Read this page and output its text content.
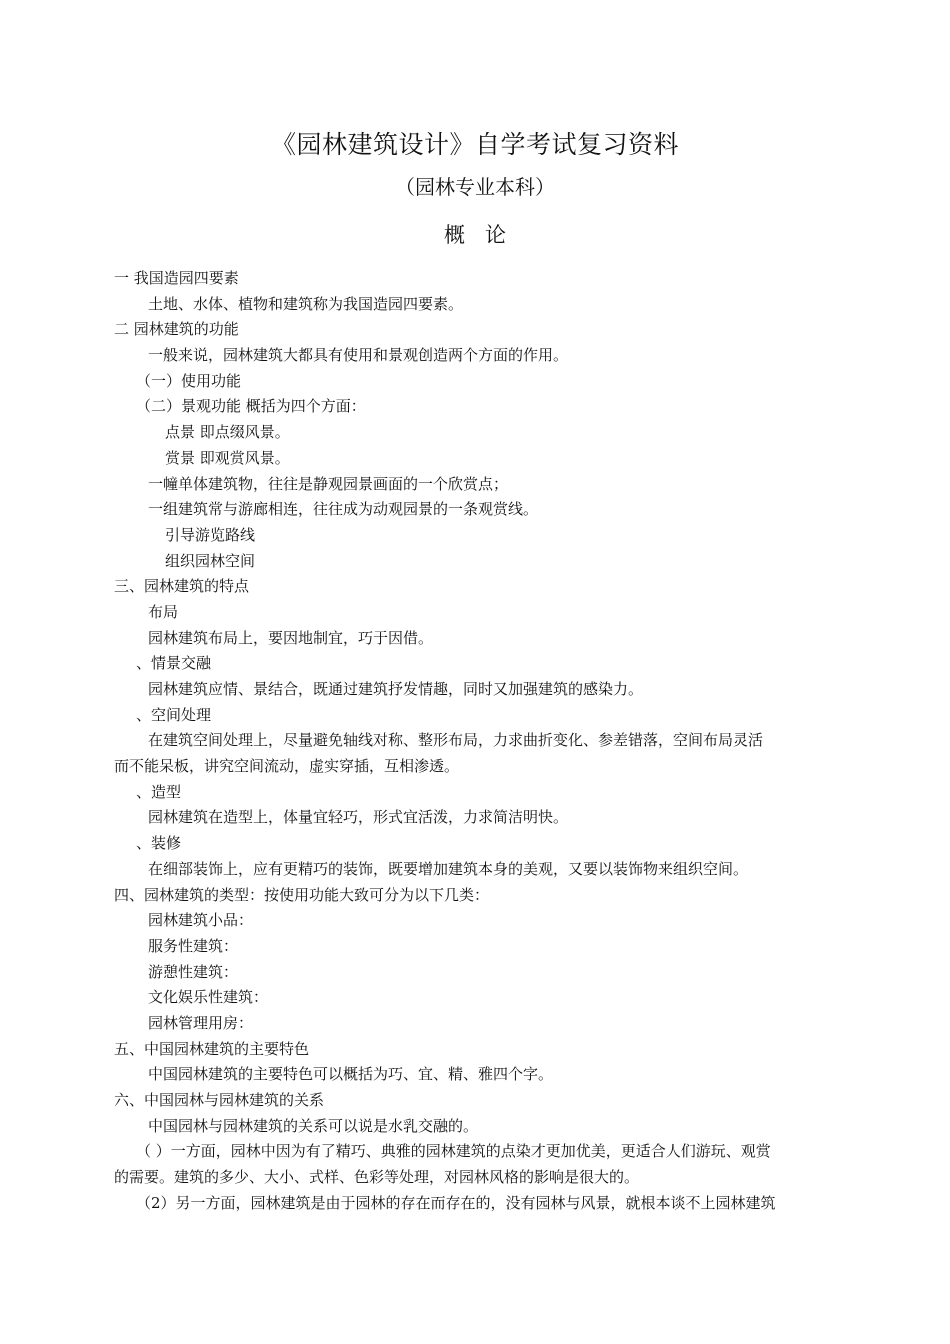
《园林建筑设计》自学考试复习资料
（园林专业本科）
概论
一 我国造园四要素
土地、水体、植物和建筑称为我国造园四要素。
二 园林建筑的功能
一般来说，园林建筑大都具有使用和景观创造两个方面的作用。
（一）使用功能
（二）景观功能 概括为四个方面：
点景 即点缀风景。
赏景 即观赏风景。
一幢单体建筑物，往往是静观园景画面的一个欣赏点；
一组建筑常与游廊相连，往往成为动观园景的一条观赏线。
引导游览路线
组织园林空间
三、园林建筑的特点
布局
园林建筑布局上，要因地制宜，巧于因借。
、情景交融
园林建筑应情、景结合，既通过建筑抒发情趣，同时又加强建筑的感染力。
、空间处理
在建筑空间处理上，尽量避免轴线对称、整形布局，力求曲折变化、参差错落，空间布局灵活
而不能呆板，讲究空间流动，虚实穿插，互相渗透。
、造型
园林建筑在造型上，体量宜轻巧，形式宜活泼，力求简洁明快。
、装修
在细部装饰上，应有更精巧的装饰，既要增加建筑本身的美观，又要以装饰物来组织空间。
四、园林建筑的类型：按使用功能大致可分为以下几类：
园林建筑小品：
服务性建筑：
游憩性建筑：
文化娱乐性建筑：
园林管理用房：
五、中国园林建筑的主要特色
中国园林建筑的主要特色可以概括为巧、宜、精、雅四个字。
六、中国园林与园林建筑的关系
中国园林与园林建筑的关系可以说是水乳交融的。
（ ）一方面，园林中因为有了精巧、典雅的园林建筑的点染才更加优美，更适合人们游玩、观赏
的需要。建筑的多少、大小、式样、色彩等处理，对园林风格的影响是很大的。
（2）另一方面，园林建筑是由于园林的存在而存在的，没有园林与风景，就根本谈不上园林建筑
